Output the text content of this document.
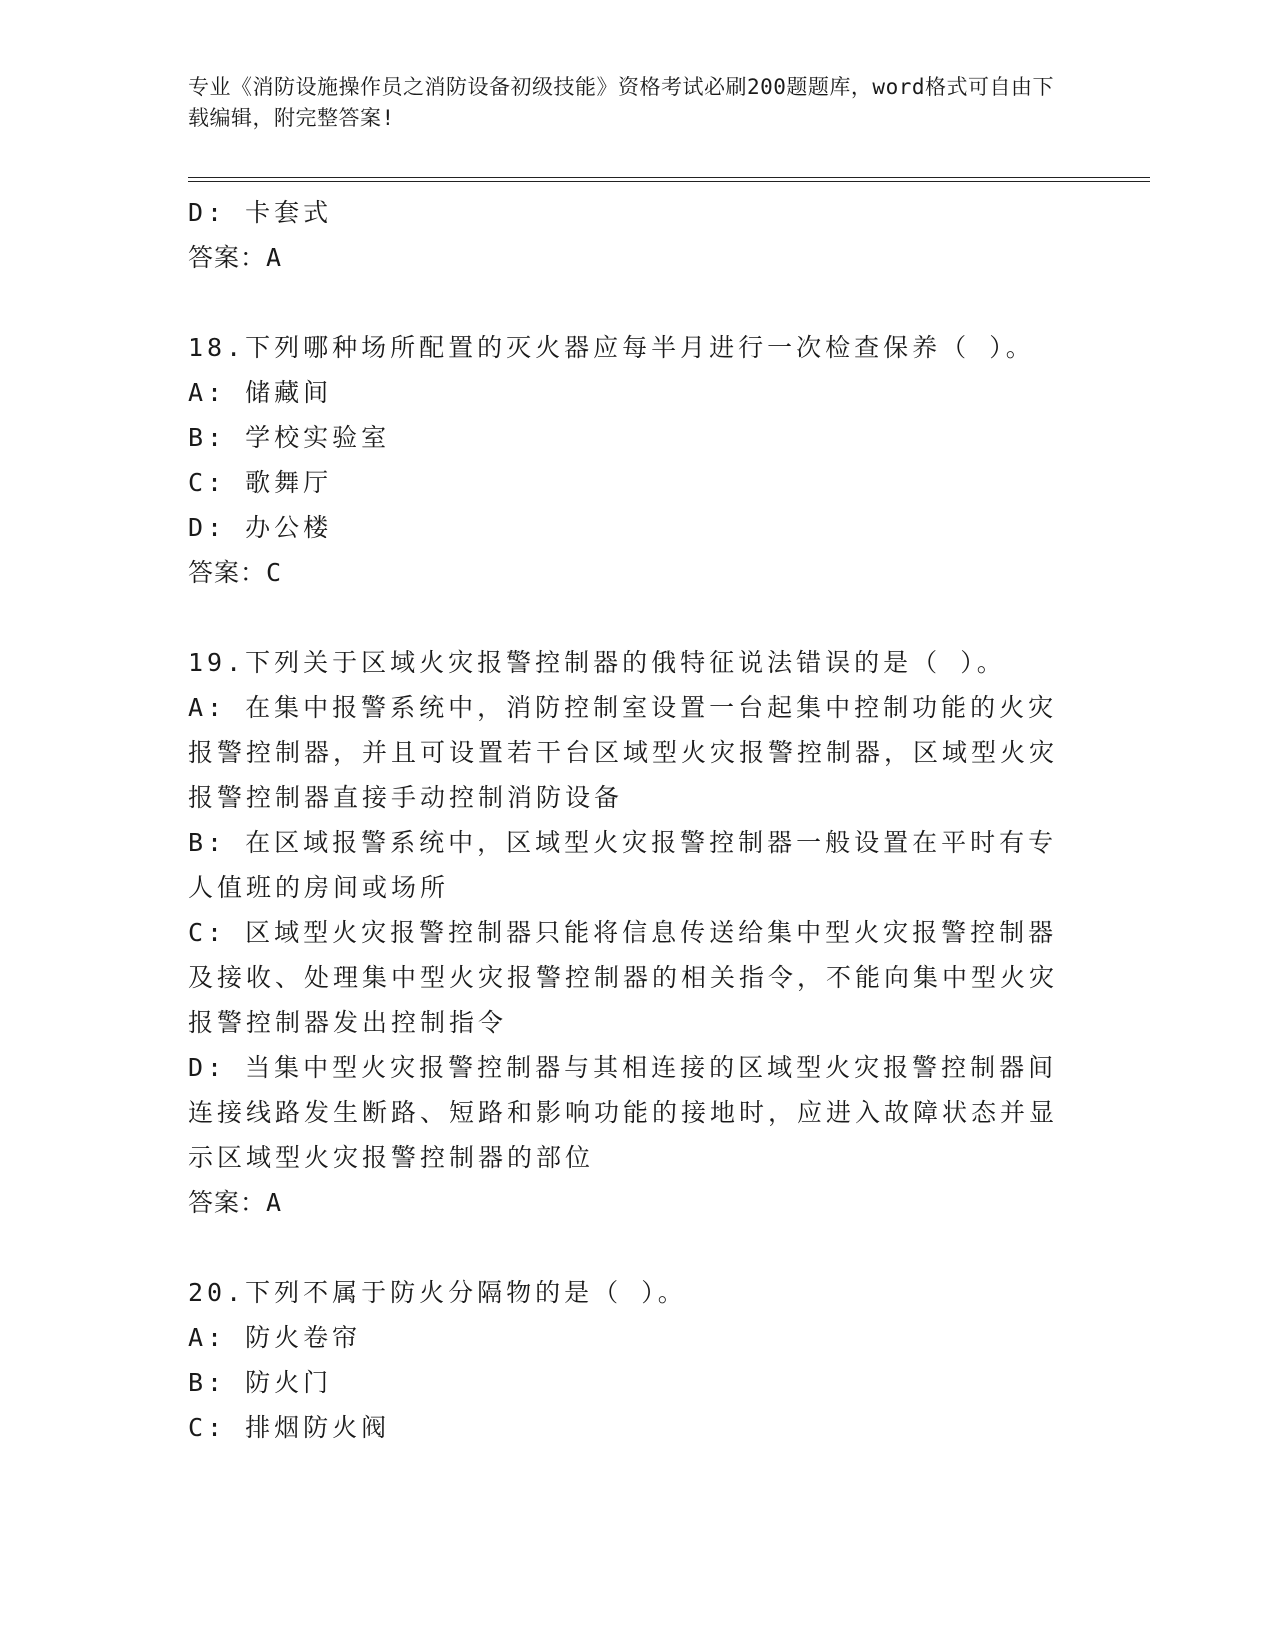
专业《消防设施操作员之消防设备初级技能》资格考试必刷200题题库，word格式可自由下载编辑，附完整答案!
D: 卡套式
答案：A
18.下列哪种场所配置的灭火器应每半月进行一次检查保养（ ）。
A: 储藏间
B: 学校实验室
C: 歌舞厅
D: 办公楼
答案：C
19.下列关于区域火灾报警控制器的俄特征说法错误的是（ ）。
A: 在集中报警系统中，消防控制室设置一台起集中控制功能的火灾报警控制器，并且可设置若干台区域型火灾报警控制器，区域型火灾报警控制器直接手动控制消防设备
B: 在区域报警系统中，区域型火灾报警控制器一般设置在平时有专人值班的房间或场所
C: 区域型火灾报警控制器只能将信息传送给集中型火灾报警控制器及接收、处理集中型火灾报警控制器的相关指令，不能向集中型火灾报警控制器发出控制指令
D: 当集中型火灾报警控制器与其相连接的区域型火灾报警控制器间连接线路发生断路、短路和影响功能的接地时，应进入故障状态并显示区域型火灾报警控制器的部位
答案：A
20.下列不属于防火分隔物的是（ ）。
A: 防火卷帘
B: 防火门
C: 排烟防火阀
